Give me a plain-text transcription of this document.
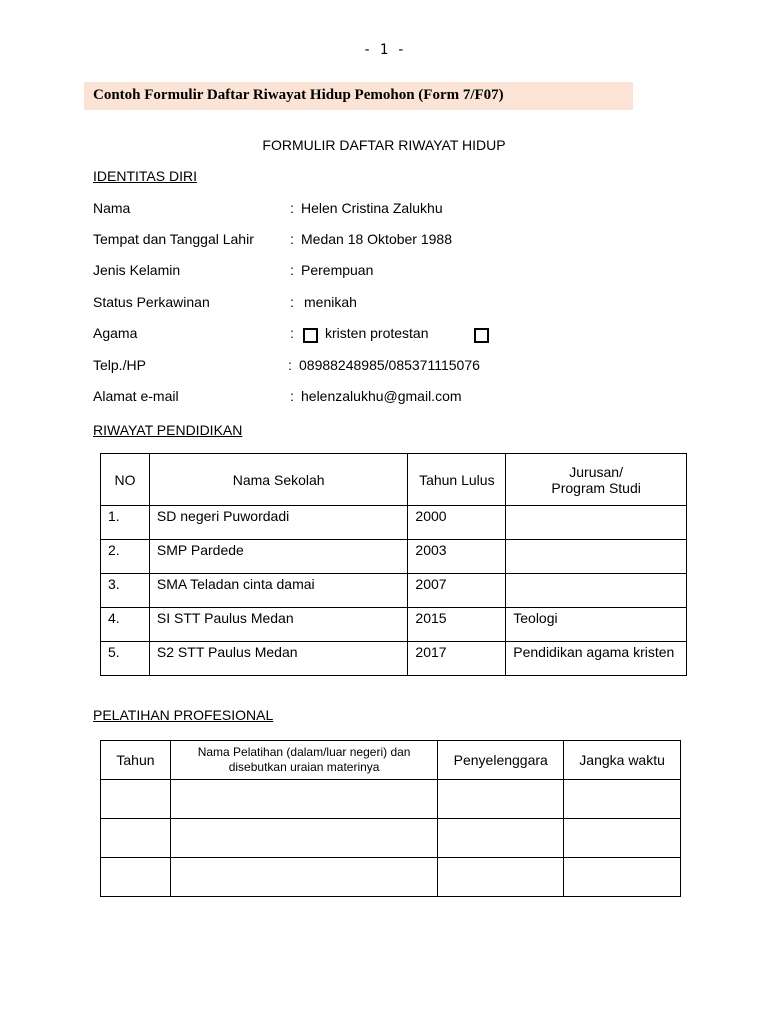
- 1 -
Contoh Formulir Daftar Riwayat Hidup Pemohon (Form 7/F07)
FORMULIR DAFTAR RIWAYAT HIDUP
IDENTITAS DIRI
Nama	: Helen Cristina Zalukhu
Tempat dan Tanggal Lahir	: Medan 18 Oktober 1988
Jenis Kelamin	: Perempuan
Status Perkawinan	: menikah
Agama	: kristen protestan
Telp./HP	: 08988248985/085371115076
Alamat e-mail	: helenzalukhu@gmail.com
RIWAYAT PENDIDIKAN
NO	Nama Sekolah	Tahun Lulus	Jurusan/
Program Studi
1.	SD negeri Puwordadi	2000	
2.	SMP Pardede	2003	
3.	SMA Teladan cinta damai	2007	
4.	SI STT Paulus Medan	2015	Teologi
5.	S2 STT Paulus Medan	2017	Pendidikan agama kristen
PELATIHAN PROFESIONAL
Tahun	Nama Pelatihan (dalam/luar negeri) dan
disebutkan uraian materinya	Penyelenggara	Jangka waktu
